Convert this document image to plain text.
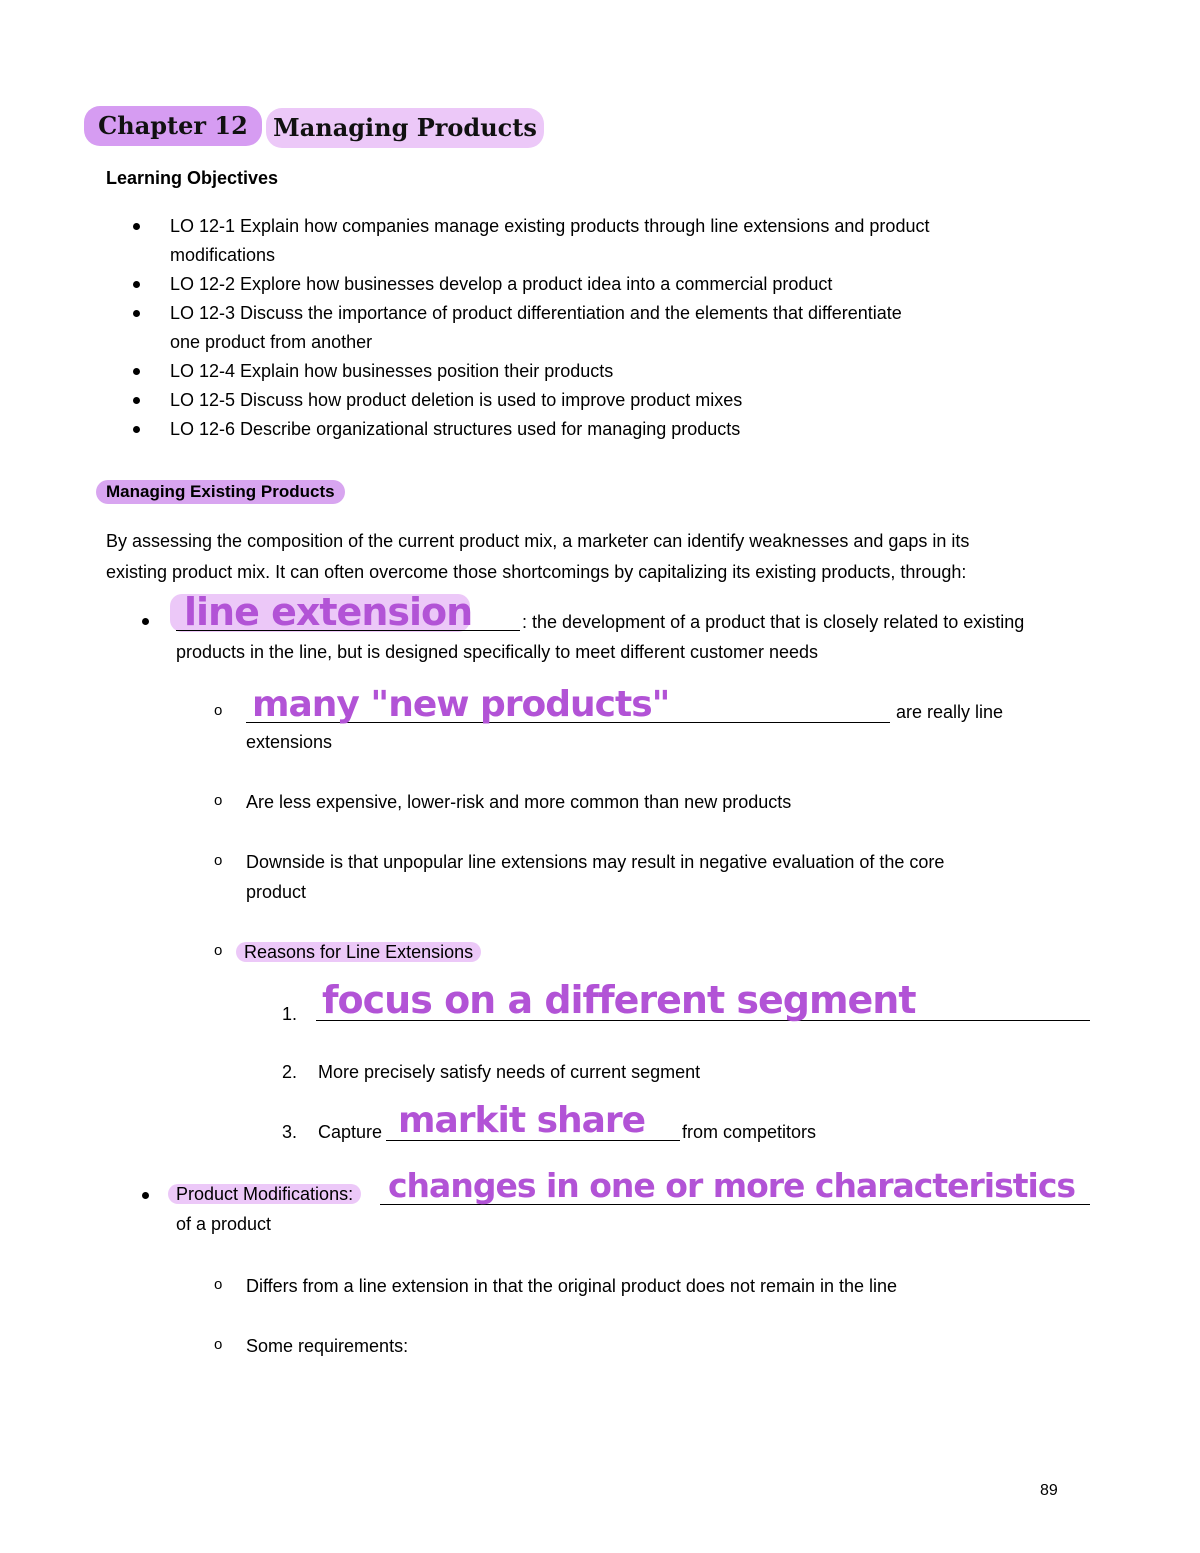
Chapter 12	Managing Products
Learning Objectives
LO 12-1 Explain how companies manage existing products through line extensions and product
modifications
LO 12-2 Explore how businesses develop a product idea into a commercial product
LO 12-3 Discuss the importance of product differentiation and the elements that differentiate
one product from another
LO 12-4 Explain how businesses position their products
LO 12-5 Discuss how product deletion is used to improve product mixes
LO 12-6 Describe organizational structures used for managing products
Managing Existing Products
By assessing the composition of the current product mix, a marketer can identify weaknesses and gaps in its
existing product mix. It can often overcome those shortcomings by capitalizing its existing products, through:
line extension	: the development of a product that is closely related to existing
products in the line, but is designed specifically to meet different customer needs
o many "new products"	are really line
extensions
o Are less expensive, lower-risk and more common than new products
o Downside is that unpopular line extensions may result in negative evaluation of the core
product
o	Reasons for Line Extensions
1. focus on a different segment
2. More precisely satisfy needs of current segment
3. Capture markit share from competitors
Product Modifications: changes in one or more characteristics
of a product
o Differs from a line extension in that the original product does not remain in the line
o Some requirements:
89
